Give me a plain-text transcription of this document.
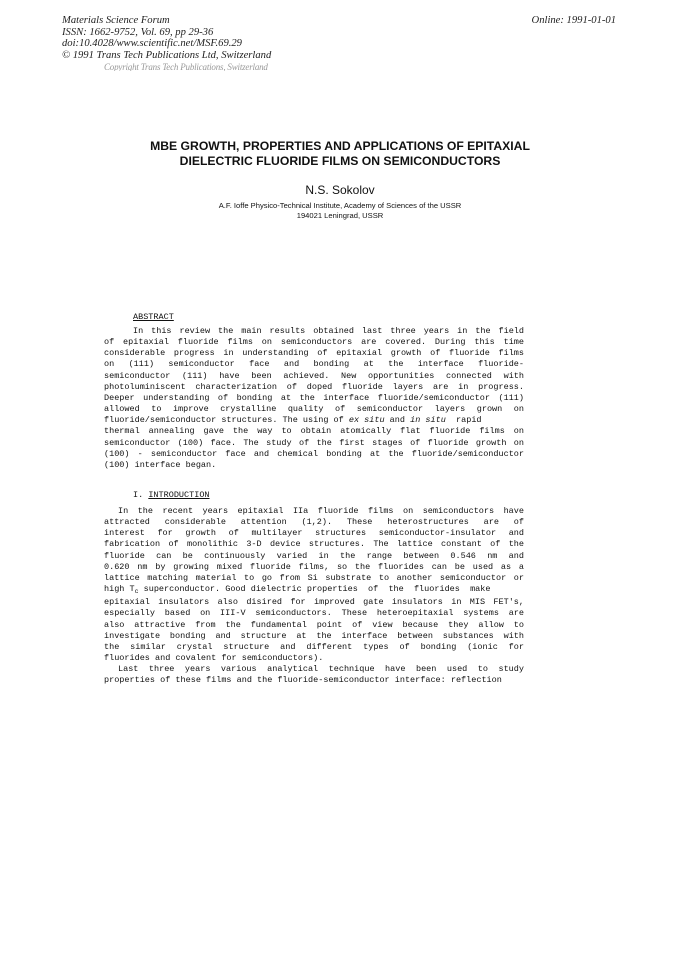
Materials Science Forum
ISSN: 1662-9752, Vol. 69, pp 29-36
doi:10.4028/www.scientific.net/MSF.69.29
© 1991 Trans Tech Publications Ltd, Switzerland
Online: 1991-01-01
Copyright Trans Tech Publications, Switzerland
MBE GROWTH, PROPERTIES AND APPLICATIONS OF EPITAXIAL
DIELECTRIC FLUORIDE FILMS ON SEMICONDUCTORS
N.S. Sokolov
A.F. Ioffe Physico-Technical Institute, Academy of Sciences of the USSR
194021 Leningrad, USSR
ABSTRACT
In this review the main results obtained last three years in the field
of epitaxial fluoride films on semiconductors are covered. During this time
considerable progress in understanding of epitaxial growth of fluoride films
on (111) semiconductor face and bonding at the interface fluoride-
semiconductor (111) have been achieved. New opportunities connected with
photoluminiscent characterization of doped fluoride layers are in progress.
Deeper understanding of bonding at the interface fluoride/semiconductor (111)
allowed to improve crystalline quality of semiconductor layers grown on
fluoride/semiconductor structures. The using of ex situ and in situ  rapid
thermal annealing gave the way to obtain atomically flat fluoride films on
semiconductor (100) face. The study of the first stages of fluoride growth on
(100) - semiconductor face and chemical bonding at the fluoride/semiconductor
(100) interface began.
I. INTRODUCTION
In the recent years epitaxial IIa fluoride films on semiconductors have
attracted considerable attention (1,2). These heterostructures are of
interest for growth of multilayer structures semiconductor-insulator and
fabrication of monolithic 3-D device structures. The lattice constant of the
fluoride can be continuously varied in the range between 0.546 nm and
0.620 nm by growing mixed fluoride films, so the fluorides can be used as a
lattice matching material to go from Si substrate to another semiconductor or
high $T_c$ superconductor. Good dielectric properties  of  the  fluorides  make
epitaxial insulators also disired for improved gate insulators in MIS FET's,
especially based on III-V semiconductors. These heteroepitaxial systems are
also attractive from the fundamental point of view because they allow to
investigate bonding and structure at the interface between substances with
the similar crystal structure and different types of bonding (ionic for
fluorides and covalent for semiconductors).
Last three years various analytical technique have been used to study
properties of these films and the fluoride-semiconductor interface: reflection
